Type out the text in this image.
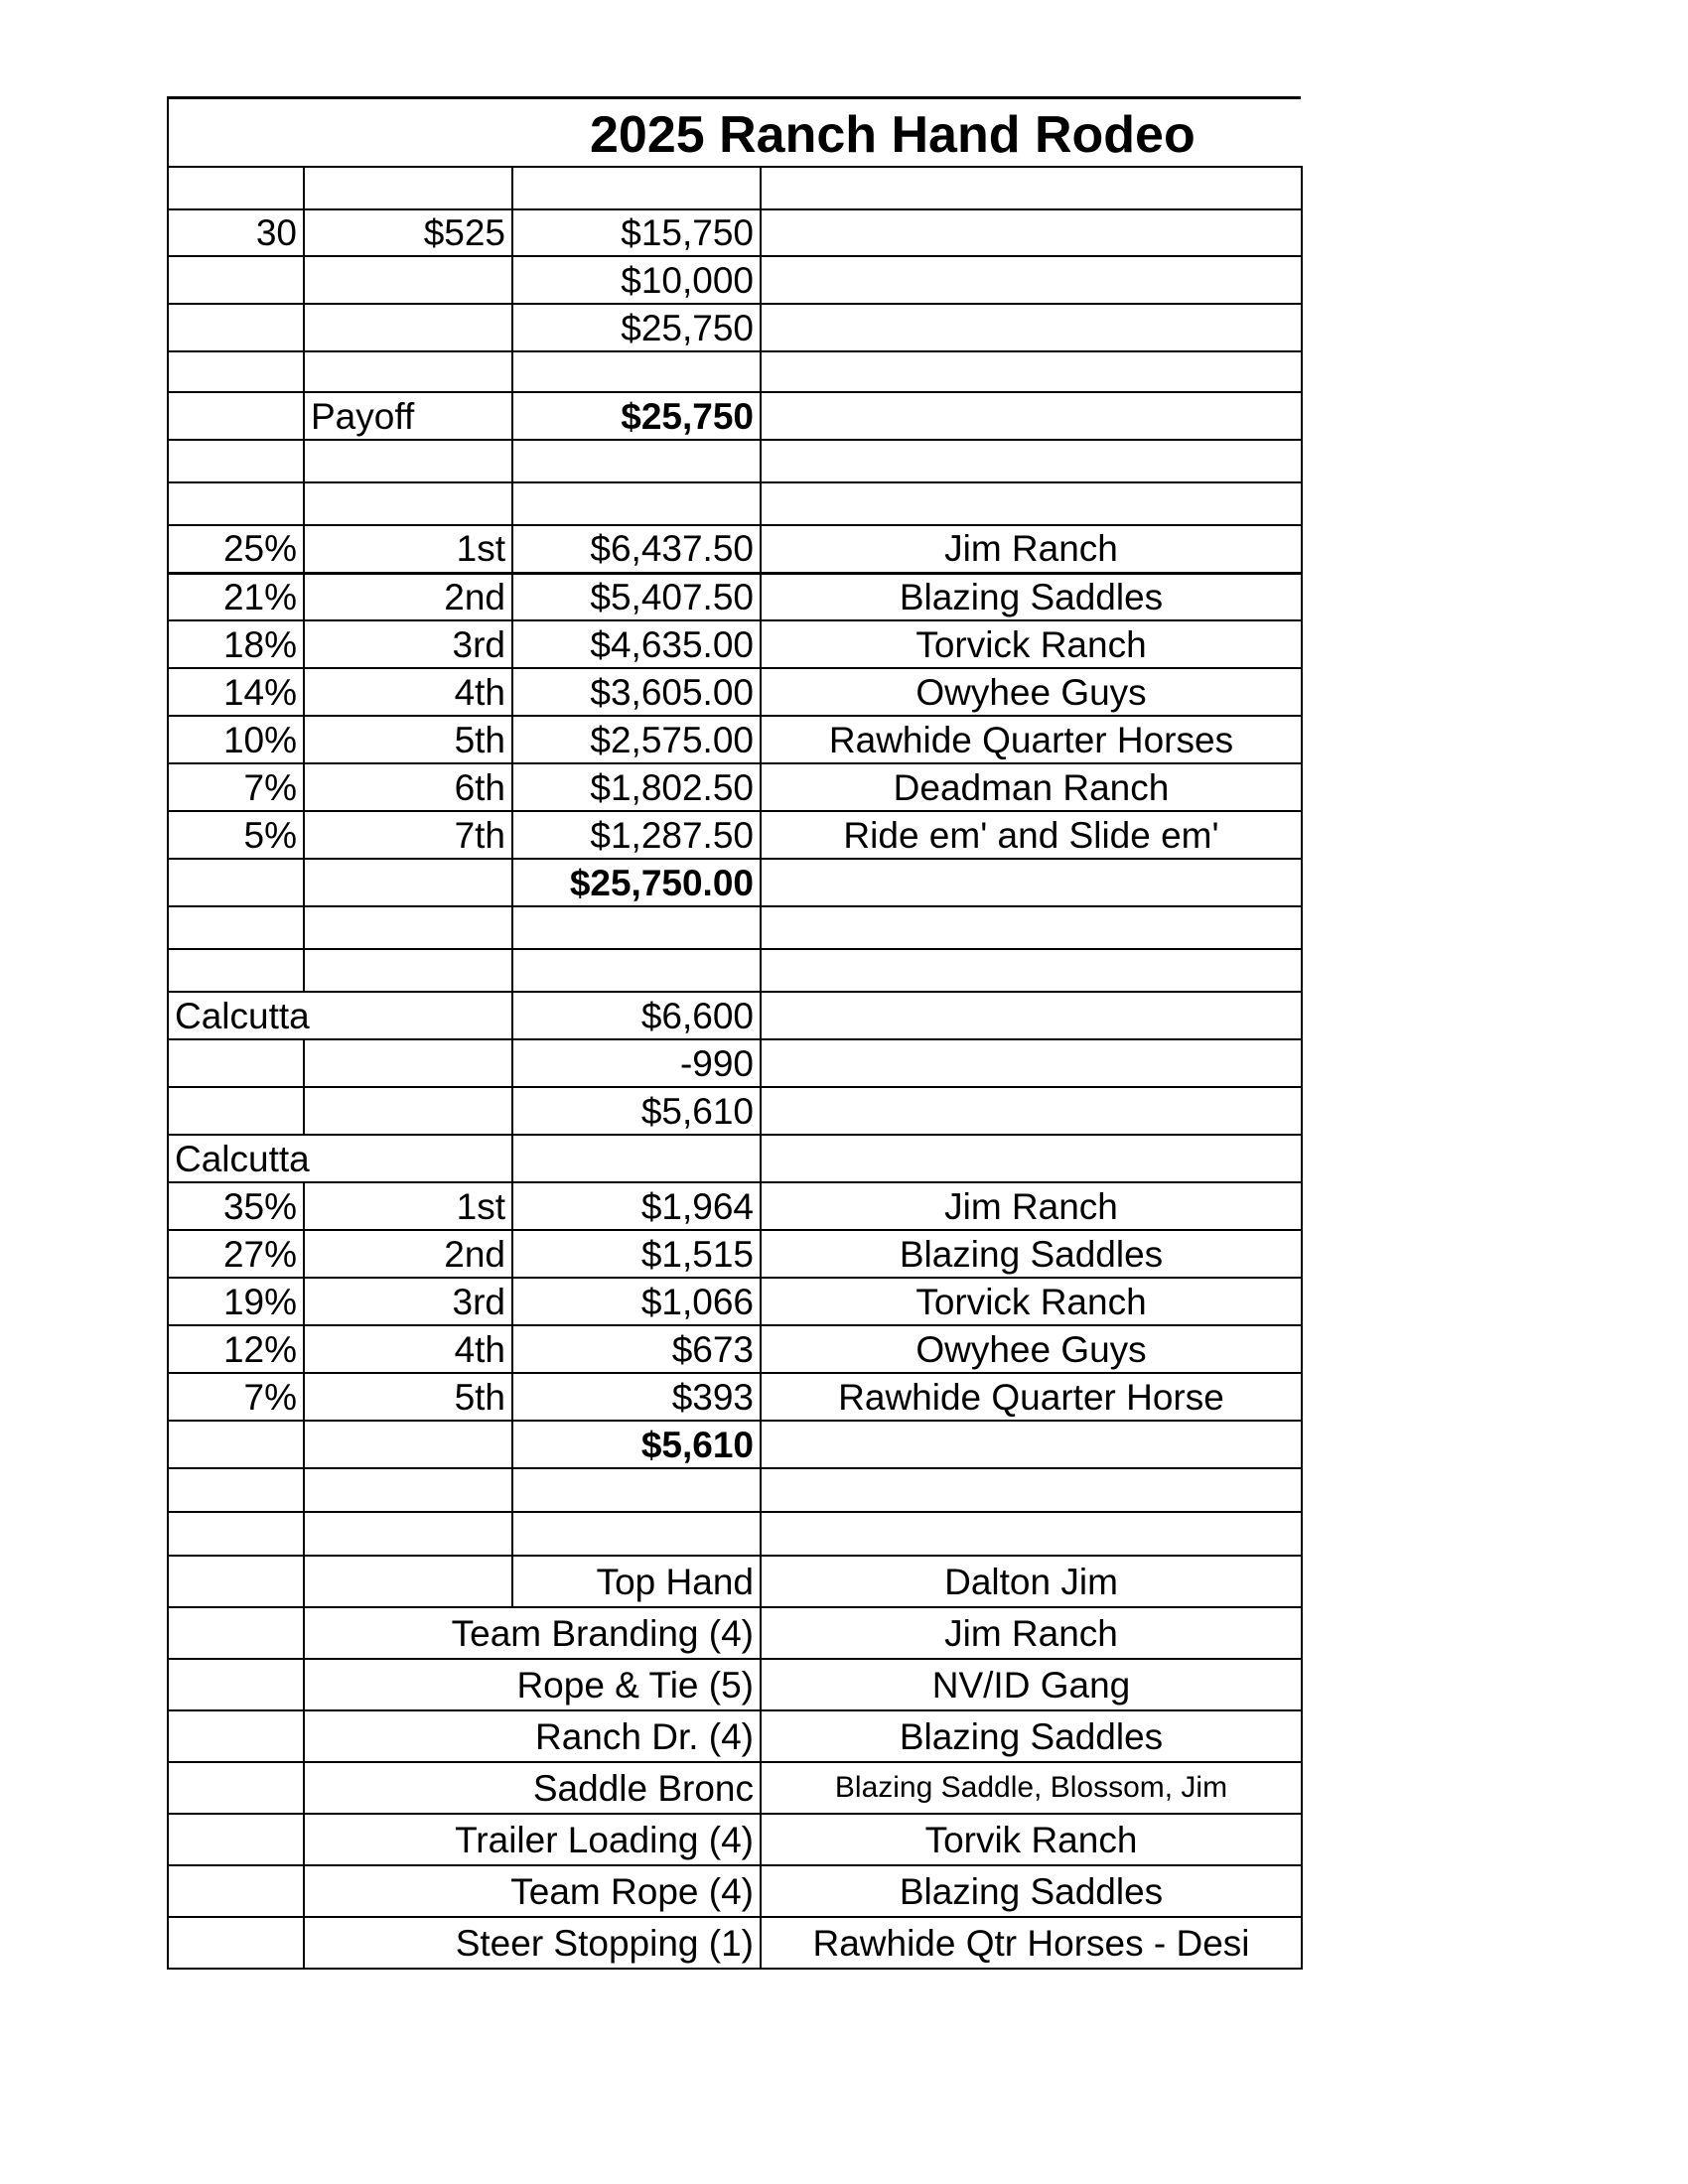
2025 Ranch Hand Rodeo

30	$525	$15,750	
		$10,000	
		$25,750	

	Payoff	$25,750	

25%	1st	$6,437.50	Jim Ranch
21%	2nd	$5,407.50	Blazing Saddles
18%	3rd	$4,635.00	Torvick Ranch
14%	4th	$3,605.00	Owyhee Guys
10%	5th	$2,575.00	Rawhide Quarter Horses
7%	6th	$1,802.50	Deadman Ranch
5%	7th	$1,287.50	Ride em' and Slide em'
		$25,750.00	

Calcutta		$6,600	
		-990	
		$5,610	
Calcutta			
35%	1st	$1,964	Jim Ranch
27%	2nd	$1,515	Blazing Saddles
19%	3rd	$1,066	Torvick Ranch
12%	4th	$673	Owyhee Guys
7%	5th	$393	Rawhide Quarter Horse
		$5,610	

		Top Hand	Dalton Jim
	Team Branding (4)		Jim Ranch
	Rope & Tie (5)		NV/ID Gang
	Ranch Dr. (4)		Blazing Saddles
	Saddle Bronc		Blazing Saddle, Blossom, Jim
	Trailer Loading (4)		Torvik Ranch
	Team Rope (4)		Blazing Saddles
	Steer Stopping (1)		Rawhide Qtr Horses - Desi
